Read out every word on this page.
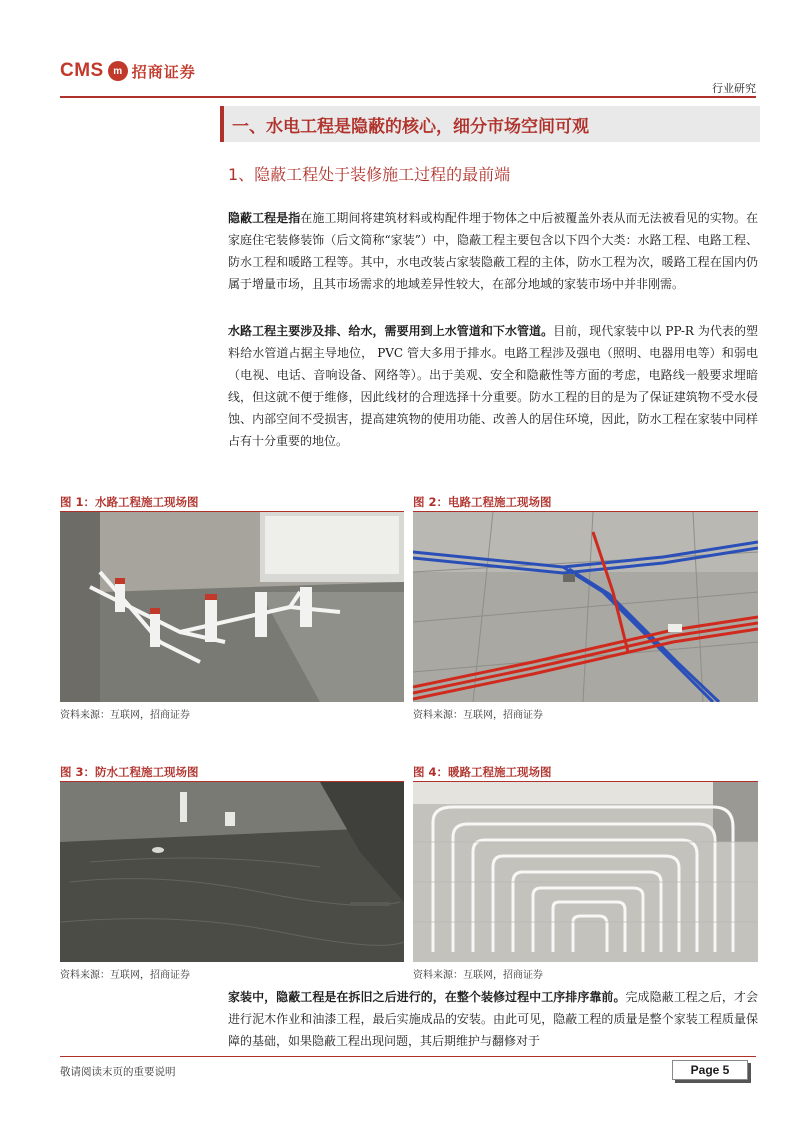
CMS m 招商证券
行业研究
一、水电工程是隐蔽的核心，细分市场空间可观
1、隐蔽工程处于装修施工过程的最前端

隐蔽工程是指在施工期间将建筑材料或构配件埋于物体之中后被覆盖外表从而无法被看见的实物。在家庭住宅装修装饰（后文简称“家装”）中，隐蔽工程主要包含以下四个大类：水路工程、电路工程、防水工程和暖路工程等。其中，水电改装占家装隐蔽工程的主体，防水工程为次，暖路工程在国内仍属于增量市场，且其市场需求的地域差异性较大，在部分地域的家装市场中并非刚需。

水路工程主要涉及排、给水，需要用到上水管道和下水管道。目前，现代家装中以 PP-R 为代表的塑料给水管道占据主导地位， PVC 管大多用于排水。电路工程涉及强电（照明、电器用电等）和弱电（电视、电话、音响设备、网络等）。出于美观、安全和隐蔽性等方面的考虑，电路线一般要求埋暗线，但这就不便于维修，因此线材的合理选择十分重要。防水工程的目的是为了保证建筑物不受水侵蚀、内部空间不受损害，提高建筑物的使用功能、改善人的居住环境，因此，防水工程在家装中同样占有十分重要的地位。

图 1：水路工程施工现场图
资料来源：互联网，招商证券
图 2：电路工程施工现场图
资料来源：互联网，招商证券
图 3：防水工程施工现场图
资料来源：互联网，招商证券
图 4：暖路工程施工现场图
资料来源：互联网，招商证券

家装中，隐蔽工程是在拆旧之后进行的，在整个装修过程中工序排序靠前。完成隐蔽工程之后，才会进行泥木作业和油漆工程，最后实施成品的安装。由此可见，隐蔽工程的质量是整个家装工程质量保障的基础，如果隐蔽工程出现问题，其后期维护与翻修对于

敬请阅读末页的重要说明	Page 5
